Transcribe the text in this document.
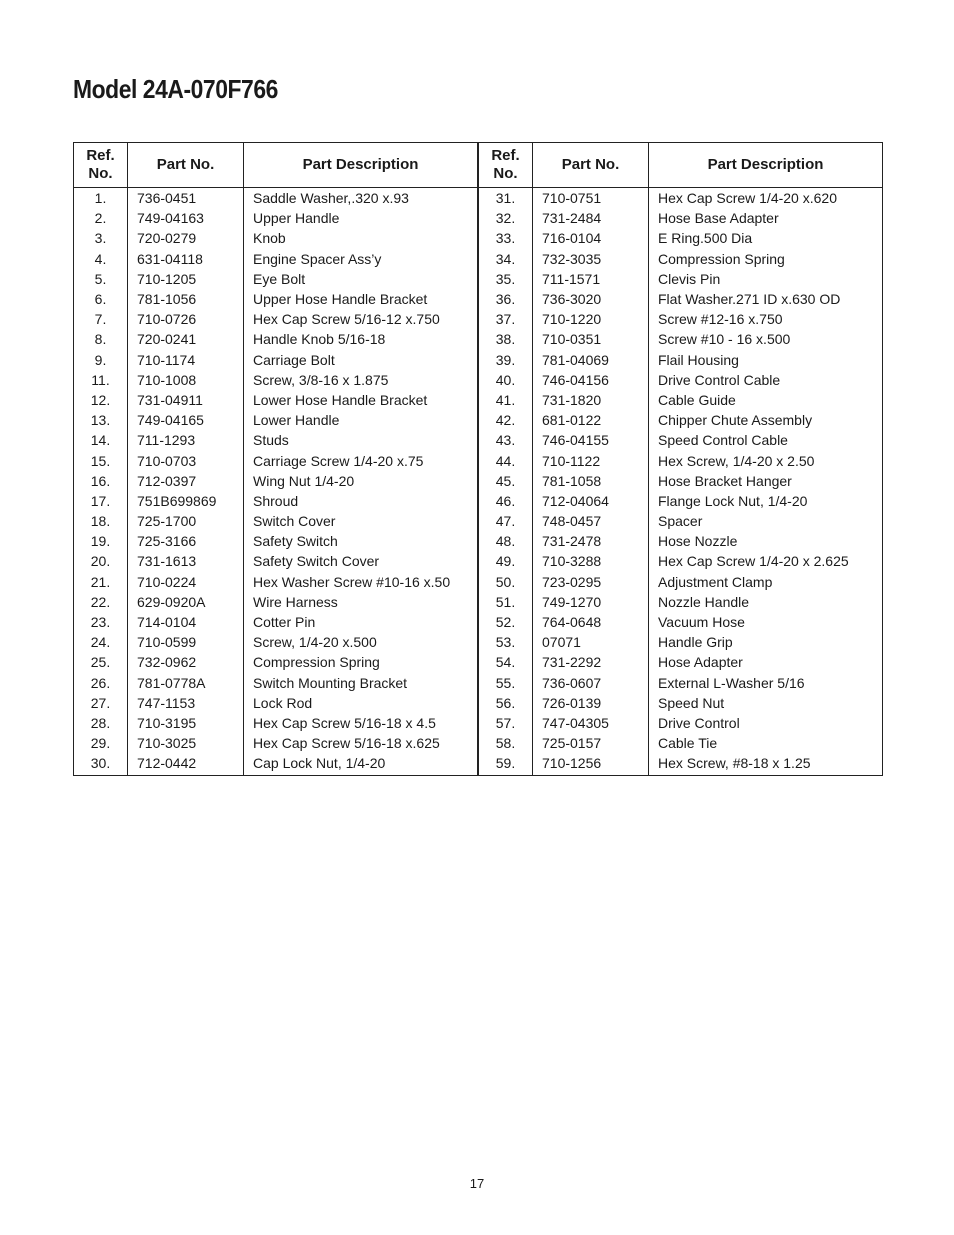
Model 24A-070F766
Ref.
No.	Part No.	Part Description
1.	736-0451	Saddle Washer,.320 x.93
2.	749-04163	Upper Handle
3.	720-0279	Knob
4.	631-04118	Engine Spacer Ass’y
5.	710-1205	Eye Bolt
6.	781-1056	Upper Hose Handle Bracket
7.	710-0726	Hex Cap Screw 5/16-12 x.750
8.	720-0241	Handle Knob 5/16-18
9.	710-1174	Carriage Bolt
11.	710-1008	Screw, 3/8-16 x 1.875
12.	731-04911	Lower Hose Handle Bracket
13.	749-04165	Lower Handle
14.	711-1293	Studs
15.	710-0703	Carriage Screw 1/4-20 x.75
16.	712-0397	Wing Nut 1/4-20
17.	751B699869	Shroud
18.	725-1700	Switch Cover
19.	725-3166	Safety Switch
20.	731-1613	Safety Switch Cover
21.	710-0224	Hex Washer Screw #10-16 x.50
22.	629-0920A	Wire Harness
23.	714-0104	Cotter Pin
24.	710-0599	Screw, 1/4-20 x.500
25.	732-0962	Compression Spring
26.	781-0778A	Switch Mounting Bracket
27.	747-1153	Lock Rod
28.	710-3195	Hex Cap Screw 5/16-18 x 4.5
29.	710-3025	Hex Cap Screw 5/16-18 x.625
30.	712-0442	Cap Lock Nut, 1/4-20
Ref.
No.	Part No.	Part Description
31.	710-0751	Hex Cap Screw 1/4-20 x.620
32.	731-2484	Hose Base Adapter
33.	716-0104	E Ring.500 Dia
34.	732-3035	Compression Spring
35.	711-1571	Clevis Pin
36.	736-3020	Flat Washer.271 ID x.630 OD
37.	710-1220	Screw #12-16 x.750
38.	710-0351	Screw #10 - 16 x.500
39.	781-04069	Flail Housing
40.	746-04156	Drive Control Cable
41.	731-1820	Cable Guide
42.	681-0122	Chipper Chute Assembly
43.	746-04155	Speed Control Cable
44.	710-1122	Hex Screw, 1/4-20 x 2.50
45.	781-1058	Hose Bracket Hanger
46.	712-04064	Flange Lock Nut, 1/4-20
47.	748-0457	Spacer
48.	731-2478	Hose Nozzle
49.	710-3288	Hex Cap Screw 1/4-20 x 2.625
50.	723-0295	Adjustment Clamp
51.	749-1270	Nozzle Handle
52.	764-0648	Vacuum Hose
53.	07071	Handle Grip
54.	731-2292	Hose Adapter
55.	736-0607	External L-Washer 5/16
56.	726-0139	Speed Nut
57.	747-04305	Drive Control
58.	725-0157	Cable Tie
59.	710-1256	Hex Screw, #8-18 x 1.25
17
